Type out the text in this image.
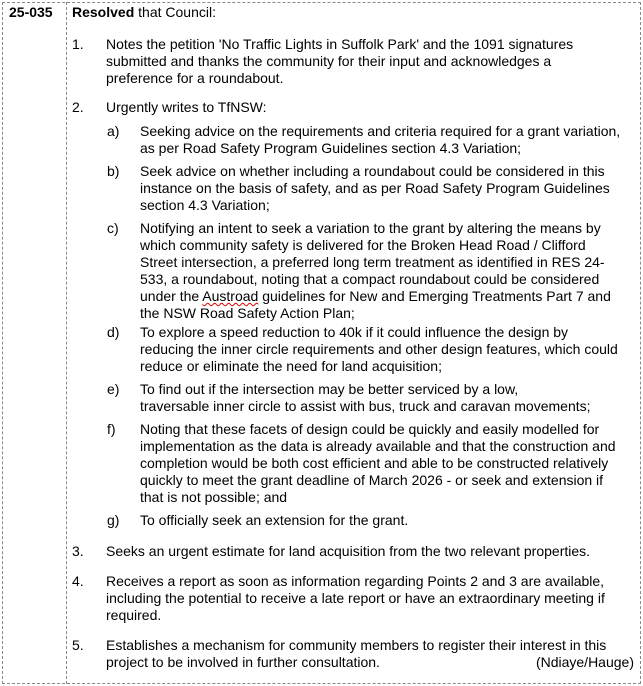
25-035 Resolved that Council:
1.	Notes the petition 'No Traffic Lights in Suffolk Park' and the 1091 signatures

submitted and thanks the community for their input and acknowledges a

preference for a roundabout.

2.	Urgently writes to TfNSW:

a)	Seeking advice on the requirements and criteria required for a grant variation,

as per Road Safety Program Guidelines section 4.3 Variation;

b)	Seek advice on whether including a roundabout could be considered in this

instance on the basis of safety, and as per Road Safety Program Guidelines

section 4.3 Variation;

c)	Notifying an intent to seek a variation to the grant by altering the means by

which community safety is delivered for the Broken Head Road / Clifford

Street intersection, a preferred long term treatment as identified in RES 24-

533, a roundabout, noting that a compact roundabout could be considered

under the Austroad guidelines for New and Emerging Treatments Part 7 and

the NSW Road Safety Action Plan;

d)	To explore a speed reduction to 40k if it could influence the design by

reducing the inner circle requirements and other design features, which could

reduce or eliminate the need for land acquisition;

e)	To find out if the intersection may be better serviced by a low,

traversable inner circle to assist with bus, truck and caravan movements;

f)	Noting that these facets of design could be quickly and easily modelled for

implementation as the data is already available and that the construction and

completion would be both cost efficient and able to be constructed relatively

quickly to meet the grant deadline of March 2026 - or seek and extension if

that is not possible; and

g)	To officially seek an extension for the grant.

3.	Seeks an urgent estimate for land acquisition from the two relevant properties.

4.	Receives a report as soon as information regarding Points 2 and 3 are available,

including the potential to receive a late report or have an extraordinary meeting if

required.

5.	Establishes a mechanism for community members to register their interest in this

project to be involved in further consultation.	(Ndiaye/Hauge)
